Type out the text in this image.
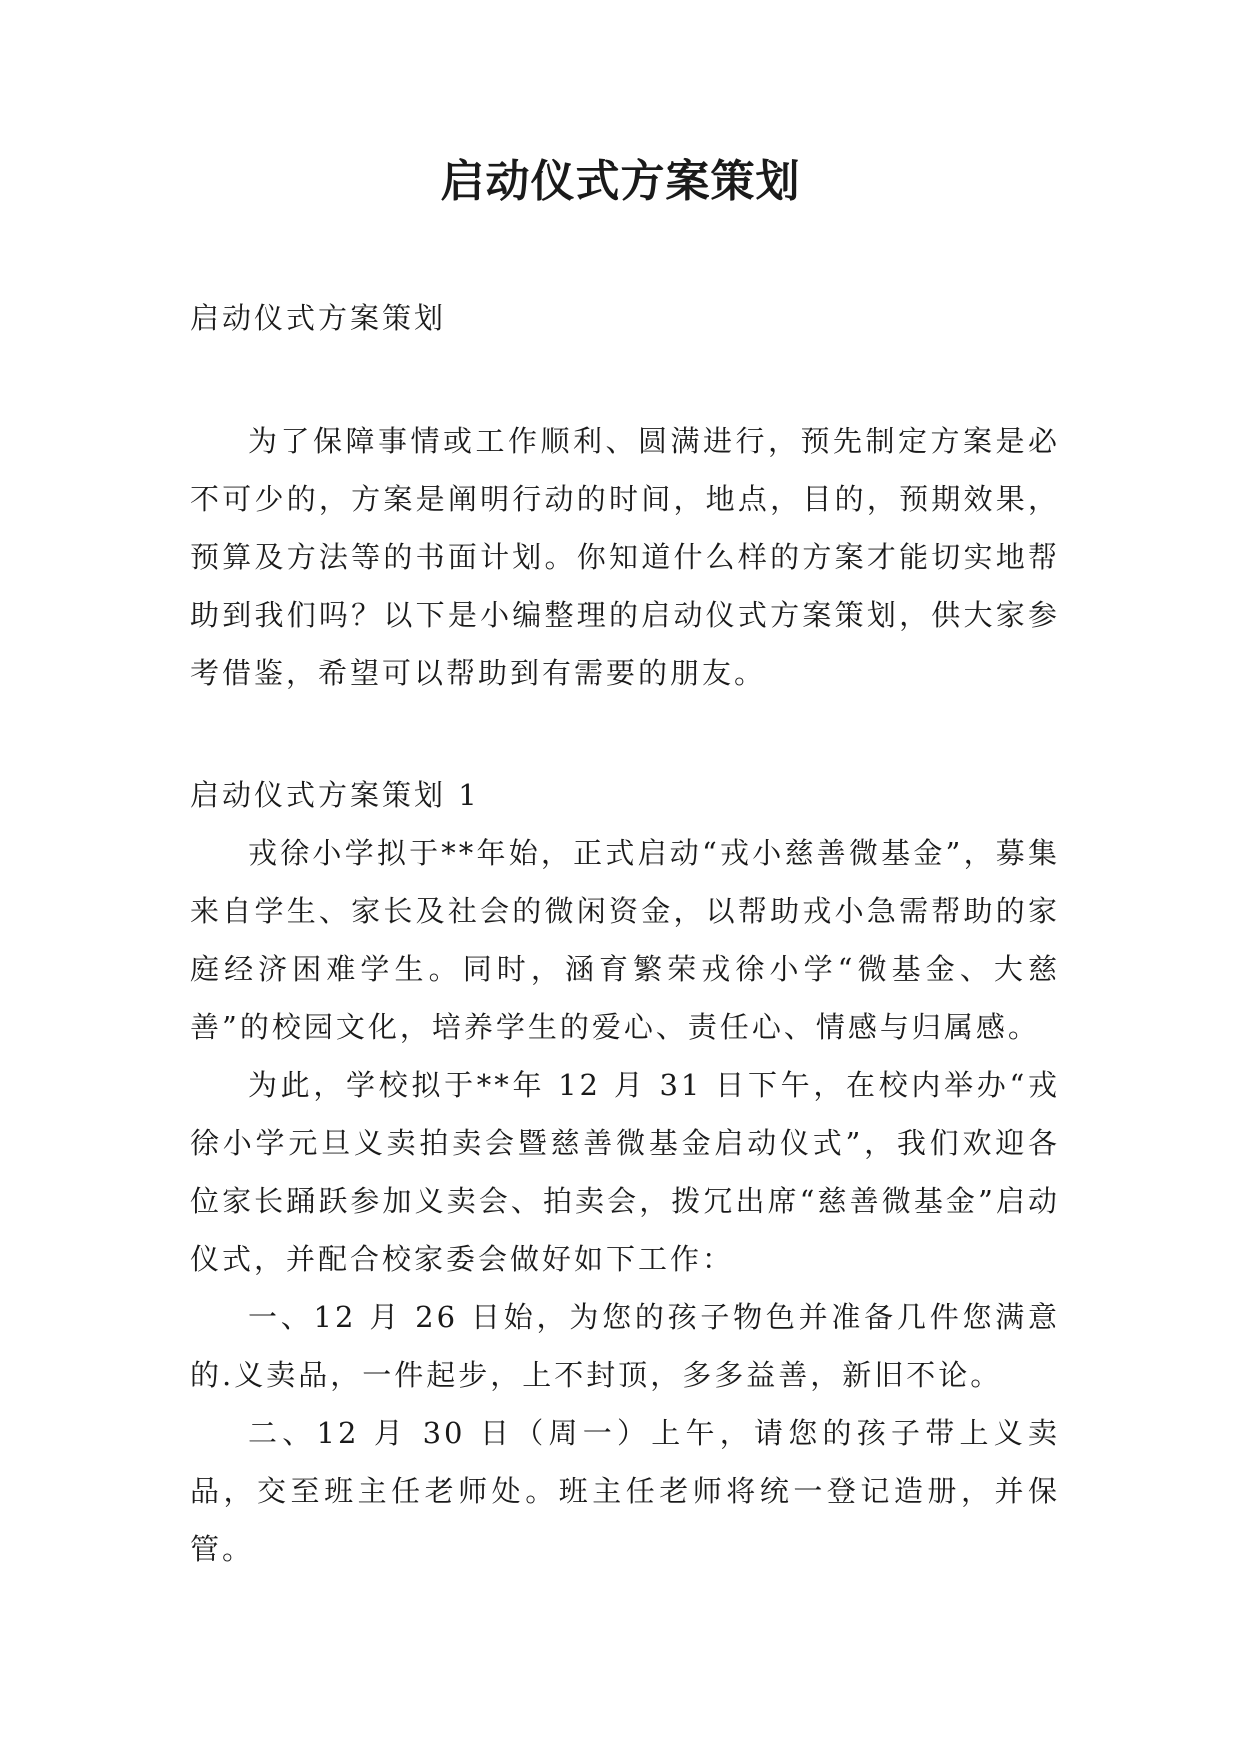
启动仪式方案策划

启动仪式方案策划

为了保障事情或工作顺利、圆满进行，预先制定方案是必不可少的，方案是阐明行动的时间，地点，目的，预期效果，预算及方法等的书面计划。你知道什么样的方案才能切实地帮助到我们吗？以下是小编整理的启动仪式方案策划，供大家参考借鉴，希望可以帮助到有需要的朋友。

启动仪式方案策划 1

戎徐小学拟于**年始，正式启动“戎小慈善微基金”，募集来自学生、家长及社会的微闲资金，以帮助戎小急需帮助的家庭经济困难学生。同时，涵育繁荣戎徐小学“微基金、大慈善”的校园文化，培养学生的爱心、责任心、情感与归属感。

为此，学校拟于**年 12 月 31 日下午，在校内举办“戎徐小学元旦义卖拍卖会暨慈善微基金启动仪式”，我们欢迎各位家长踊跃参加义卖会、拍卖会，拨冗出席“慈善微基金”启动仪式，并配合校家委会做好如下工作：

一、12 月 26 日始，为您的孩子物色并准备几件您满意的.义卖品，一件起步，上不封顶，多多益善，新旧不论。

二、12 月 30 日（周一）上午，请您的孩子带上义卖品，交至班主任老师处。班主任老师将统一登记造册，并保管。
